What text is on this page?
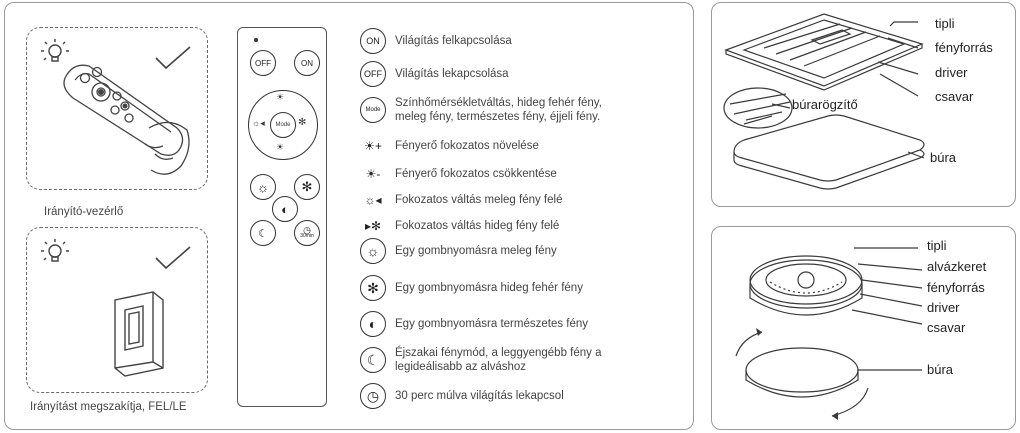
Irányító-vezérlő
Irányítást megszakítja, FEL/LE
OFF	ON
Mode
☀
☀
☼◂	✻
☼	✻
◐
☾	◷
30min
ON	Világítás felkapcsolása
OFF	Világítás lekapcsolása
Mode
Színhőmérsékletváltás, hideg fehér fény,
meleg fény, természetes fény, éjjeli fény.
☀+	Fényerő fokozatos növelése
☀-	Fényerő fokozatos csökkentése
☼◂	Fokozatos váltás meleg fény felé
▸✻	Fokozatos váltás hideg fény felé
☼	Egy gombnyomásra meleg fény
✻	Egy gombnyomásra hideg fehér fény
◐	Egy gombnyomásra természetes fény
☾	Éjszakai fénymód, a leggyengébb fény a
legideálisabb az alváshoz
◷	30 perc múlva világítás lekapcsol
tipli
fényforrás
driver
csavar
búrarögzítő
búra
tipli
alvázkeret
fényforrás
driver
csavar
búra
